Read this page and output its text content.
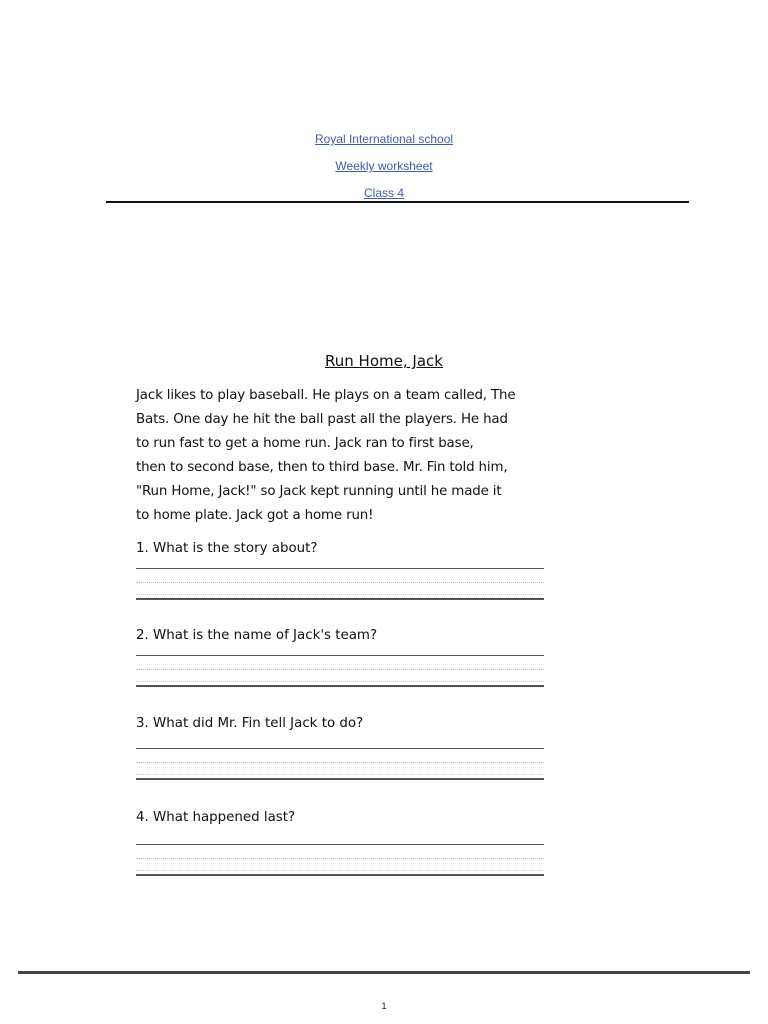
Royal International school
Weekly worksheet
Class 4
Run Home, Jack
Jack likes to play baseball. He plays on a team called, The
Bats. One day he hit the ball past all the players. He had
to run fast to get a home run. Jack ran to first base,
then to second base, then to third base. Mr. Fin told him,
"Run Home, Jack!" so Jack kept running until he made it
to home plate. Jack got a home run!
1. What is the story about?
2. What is the name of Jack's team?
3. What did Mr. Fin tell Jack to do?
4. What happened last?
1
